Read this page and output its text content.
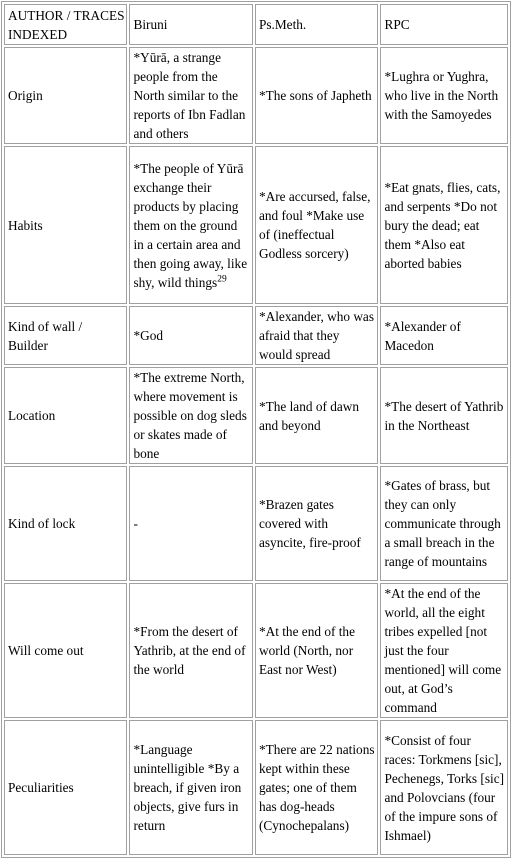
AUTHOR / TRACES INDEXED	Biruni	Ps.Meth.	RPC
Origin	*Yūrā, a strange people from the North similar to the reports of Ibn Fadlan and others	*The sons of Japheth	*Lughra or Yughra, who live in the North with the Samoyedes
Habits	*The people of Yūrā exchange their products by placing them on the ground in a certain area and then going away, like shy, wild things$^{29}$	*Are accursed, false, and foul *Make use of (ineffectual Godless sorcery)	*Eat gnats, flies, cats, and serpents *Do not bury the dead; eat them *Also eat aborted babies
Kind of wall / Builder	*God	*Alexander, who was afraid that they would spread	*Alexander of Macedon
Location	*The extreme North, where movement is possible on dog sleds or skates made of bone	*The land of dawn and beyond	*The desert of Yathrib in the Northeast
Kind of lock	-	*Brazen gates covered with asyncite, fire-proof	*Gates of brass, but they can only communicate through a small breach in the range of mountains
Will come out	*From the desert of Yathrib, at the end of the world	*At the end of the world (North, nor East nor West)	*At the end of the world, all the eight tribes expelled [not just the four mentioned] will come out, at God’s command
Peculiarities	*Language unintelligible *By a breach, if given iron objects, give furs in return	*There are 22 nations kept within these gates; one of them has dog-heads (Cynochepalans)	*Consist of four races: Torkmens [sic], Pechenegs, Torks [sic] and Polovcians (four of the impure sons of Ishmael)
